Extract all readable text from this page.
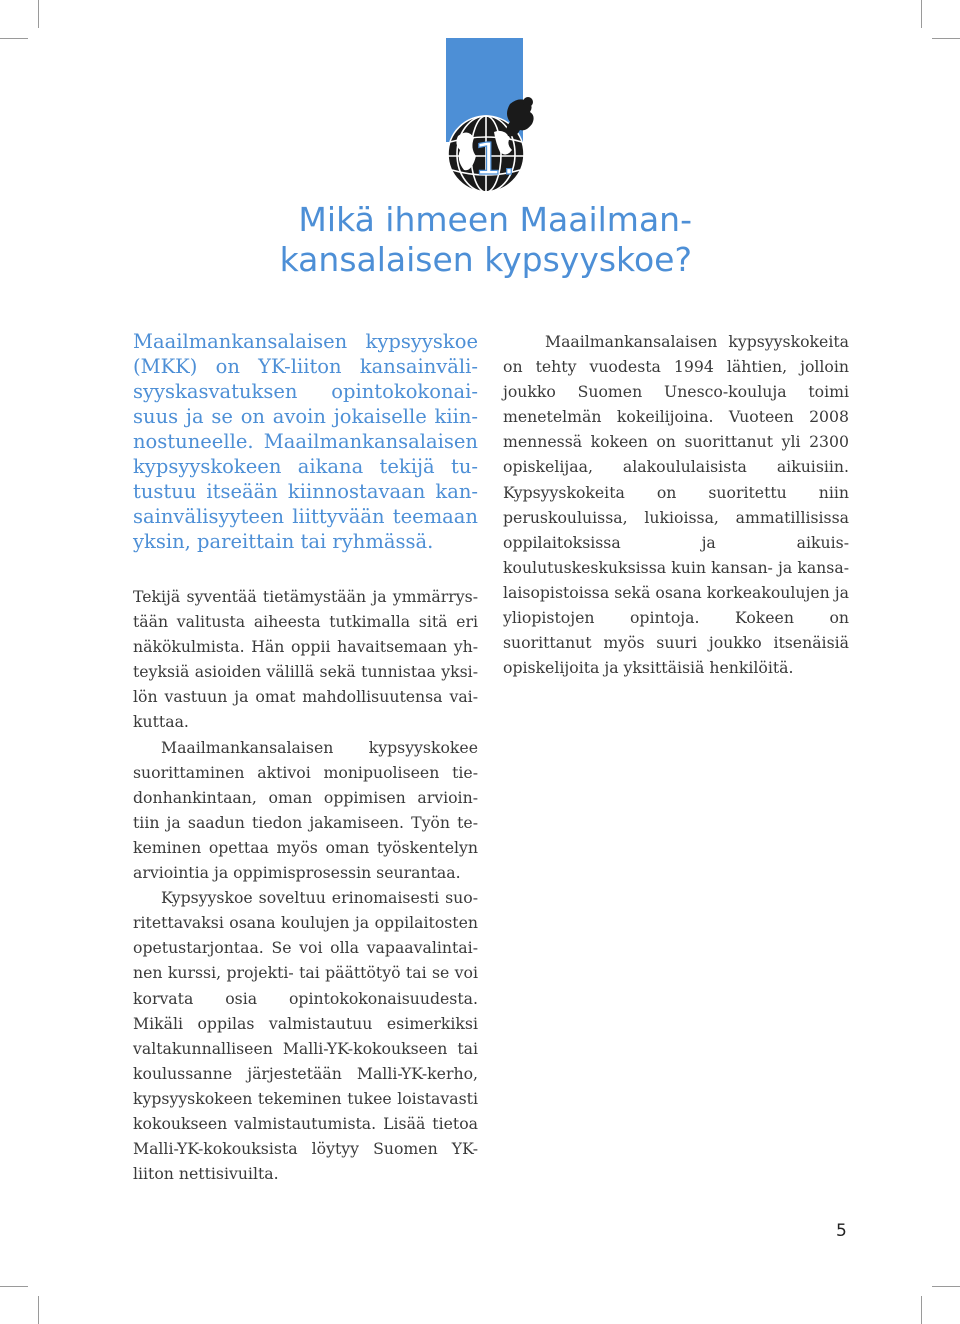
1.
Mikä ihmeen Maailman-
kansalaisen kypsyyskoe?

Maailmankansalaisen kypsyyskoe (MKK) on YK-liiton kansainvälisyyskasvatuksen opintokokonaisuus ja se on avoin jokaiselle kiinnostuneelle. Maailmankansalaisen kypsyyskokeen aikana tekijä tutustuu itseään kiinnostavaan kansainvälisyyteen liittyvään teemaan yksin, pareittain tai ryhmässä.

Tekijä syventää tietämystään ja ymmärrystään valitusta aiheesta tutkimalla sitä eri näkökulmista. Hän oppii havaitsemaan yhteyksiä asioiden välillä sekä tunnistaa yksilön vastuun ja omat mahdollisuutensa vaikuttaa.

Maailmankansalaisen kypsyyskokee suorittaminen aktivoi monipuoliseen tiedonhankintaan, oman oppimisen arviointiin ja saadun tiedon jakamiseen. Työn tekeminen opettaa myös oman työskentelyn arviointia ja oppimisprosessin seurantaa.

Kypsyyskoe soveltuu erinomaisesti suoritettavaksi osana koulujen ja oppilaitosten opetustarjontaa. Se voi olla vapaavalintainen kurssi, projekti- tai päättötyö tai se voi korvata osia opintokokonaisuudesta. Mikäli oppilas valmistautuu esimerkiksi valtakunnalliseen Malli-YK-kokoukseen tai koulussanne järjestetään Malli-YK-kerho, kypsyyskokeen tekeminen tukee loistavasti kokoukseen valmistautumista. Lisää tietoa Malli-YK-kokouksista löytyy Suomen YK-liiton nettisivuilta.

Maailmankansalaisen kypsyyskokeita on tehty vuodesta 1994 lähtien, jolloin joukko Suomen Unesco-kouluja toimi menetelmän kokeilijoina. Vuoteen 2008 mennessä kokeen on suorittanut yli 2300 opiskelijaa, alakoululaisista aikuisiin. Kypsyyskokeita on suoritettu niin peruskouluissa, lukioissa, ammatillisissa oppilaitoksissa ja aikuiskoulutuskeskuksissa kuin kansan- ja kansalaisopistoissa sekä osana korkeakoulujen ja yliopistojen opintoja. Kokeen on suorittanut myös suuri joukko itsenäisiä opiskelijoita ja yksittäisiä henkilöitä.

5
